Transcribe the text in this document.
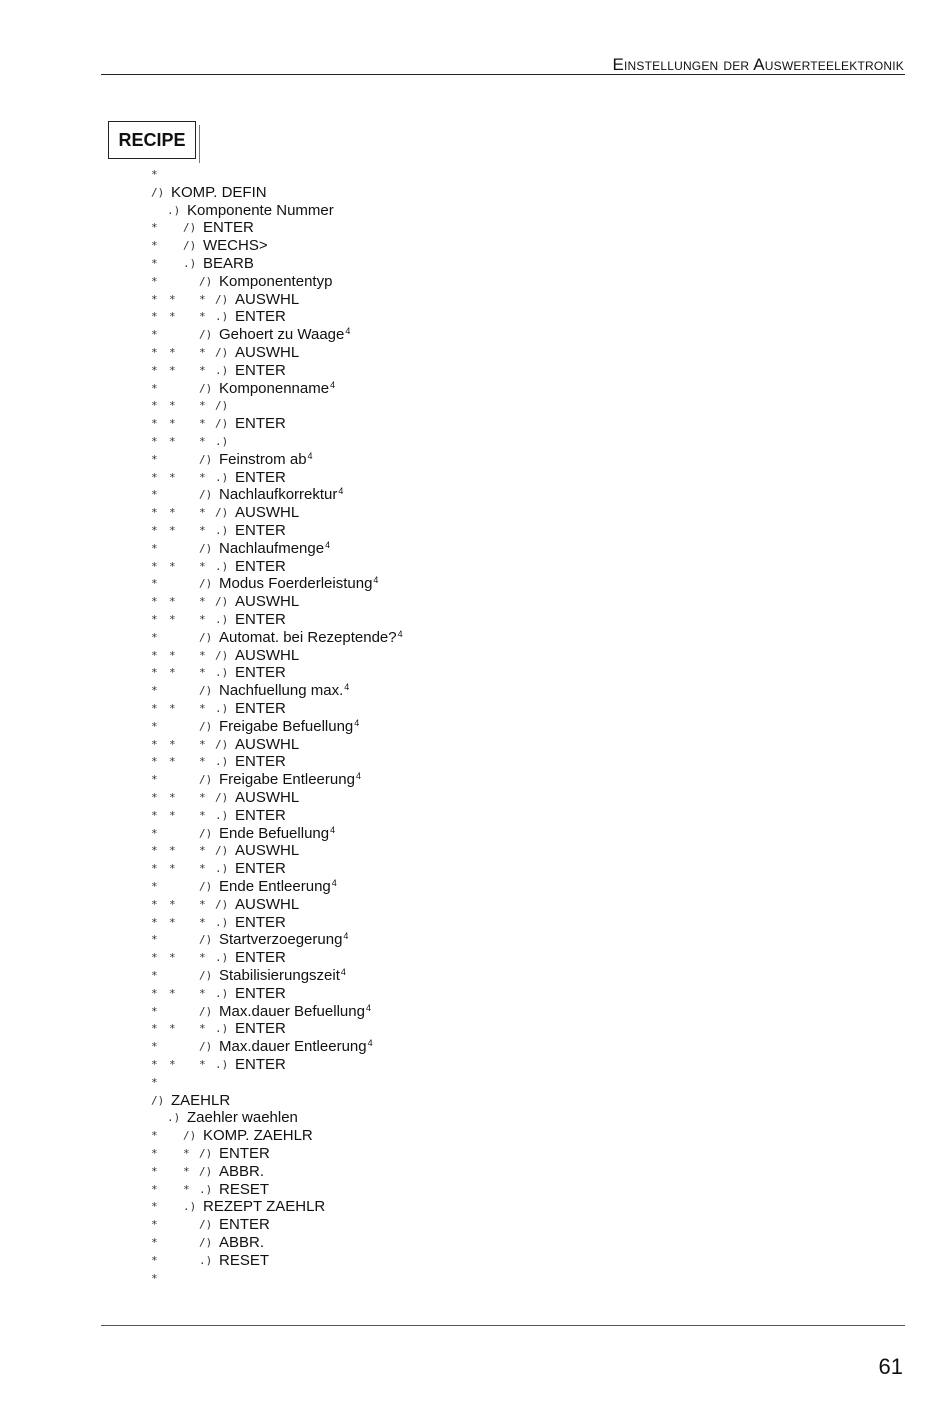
Einstellungen der Auswerteelektronik
RECIPE
*
/) KOMP. DEFIN
.) Komponente Nummer
* /) ENTER
* /) WECHS>
* .) BEARB
*	/) Komponententyp
* * * /) AUSWHL
* * * .) ENTER
*	/) Gehoert zu Waage$^4$
* * * /) AUSWHL
* * * .) ENTER
*	/) Komponenname$^4$
* * * /)
* * * /) ENTER
* * * .)
*	/) Feinstrom $ab^4$
* * * .) ENTER
*	/) Nachlaufkorrektur$^4$
* * * /) AUSWHL
* * * .) ENTER
*	/) Nachlaufmenge$^4$
* * * .) ENTER
*	/) Modus Foerderleistung$^4$
* * * /) AUSWHL
* * * .) ENTER
*	/) Automat. bei Rezeptende?$^4$
* * * /) AUSWHL
* * * .) ENTER
*	/) Nachfuellung max.$^4$
* * * .) ENTER
*	/) Freigabe Befuellung$^4$
* * * /) AUSWHL
* * * .) ENTER
*	/) Freigabe Entleerung$^4$
* * * /) AUSWHL
* * * .) ENTER
*	/) Ende Befuellung$^4$
* * * /) AUSWHL
* * * .) ENTER
*	/) Ende Entleerung$^4$
* * * /) AUSWHL
* * * .) ENTER
*	/) Startverzoegerung$^4$
* * * .) ENTER
*	/) Stabilisierungszeit$^4$
* * * .) ENTER
*	/) Max.dauer Befuellung$^4$
* * * .) ENTER
*	/) Max.dauer Entleerung$^4$
* * * .) ENTER
*
/) ZAEHLR
.) Zaehler waehlen
* /) KOMP. ZAEHLR
* * /) ENTER
* * /) ABBR.
* * .) RESET
* .) REZEPT ZAEHLR
*	/) ENTER
*	/) ABBR.
*	.) RESET
*
61
